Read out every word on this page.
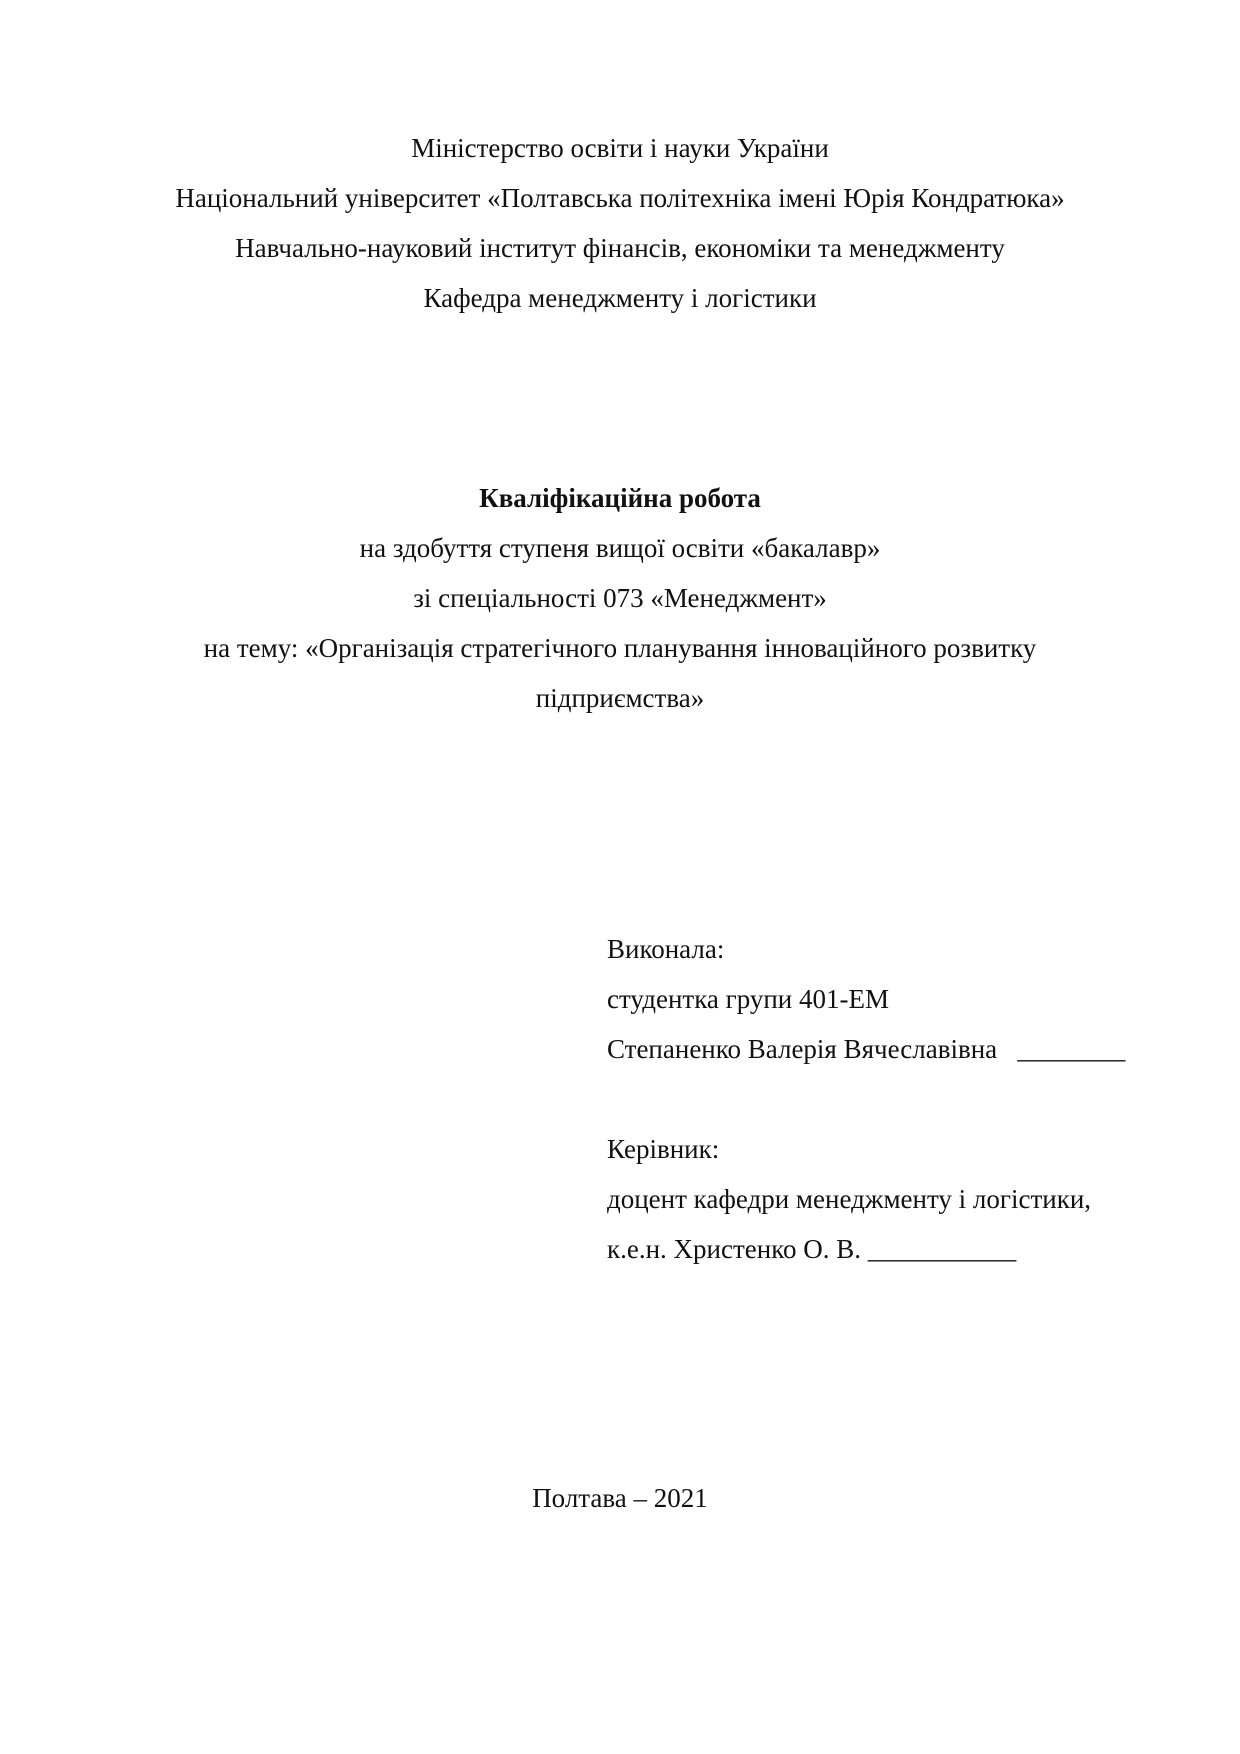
Міністерство освіти і науки України
Національний університет «Полтавська політехніка імені Юрія Кондратюка»
Навчально-науковий інститут фінансів, економіки та менеджменту
Кафедра менеджменту і логістики
Кваліфікаційна робота
на здобуття ступеня вищої освіти «бакалавр»
зі спеціальності 073 «Менеджмент»
на тему: «Організація стратегічного планування інноваційного розвитку
підприємства»
Виконала:
студентка групи 401-ЕМ
Степаненко Валерія Вячеславівна ________
Керівник:
доцент кафедри менеджменту і логістики,
к.е.н. Христенко О. В. ___________
Полтава – 2021
